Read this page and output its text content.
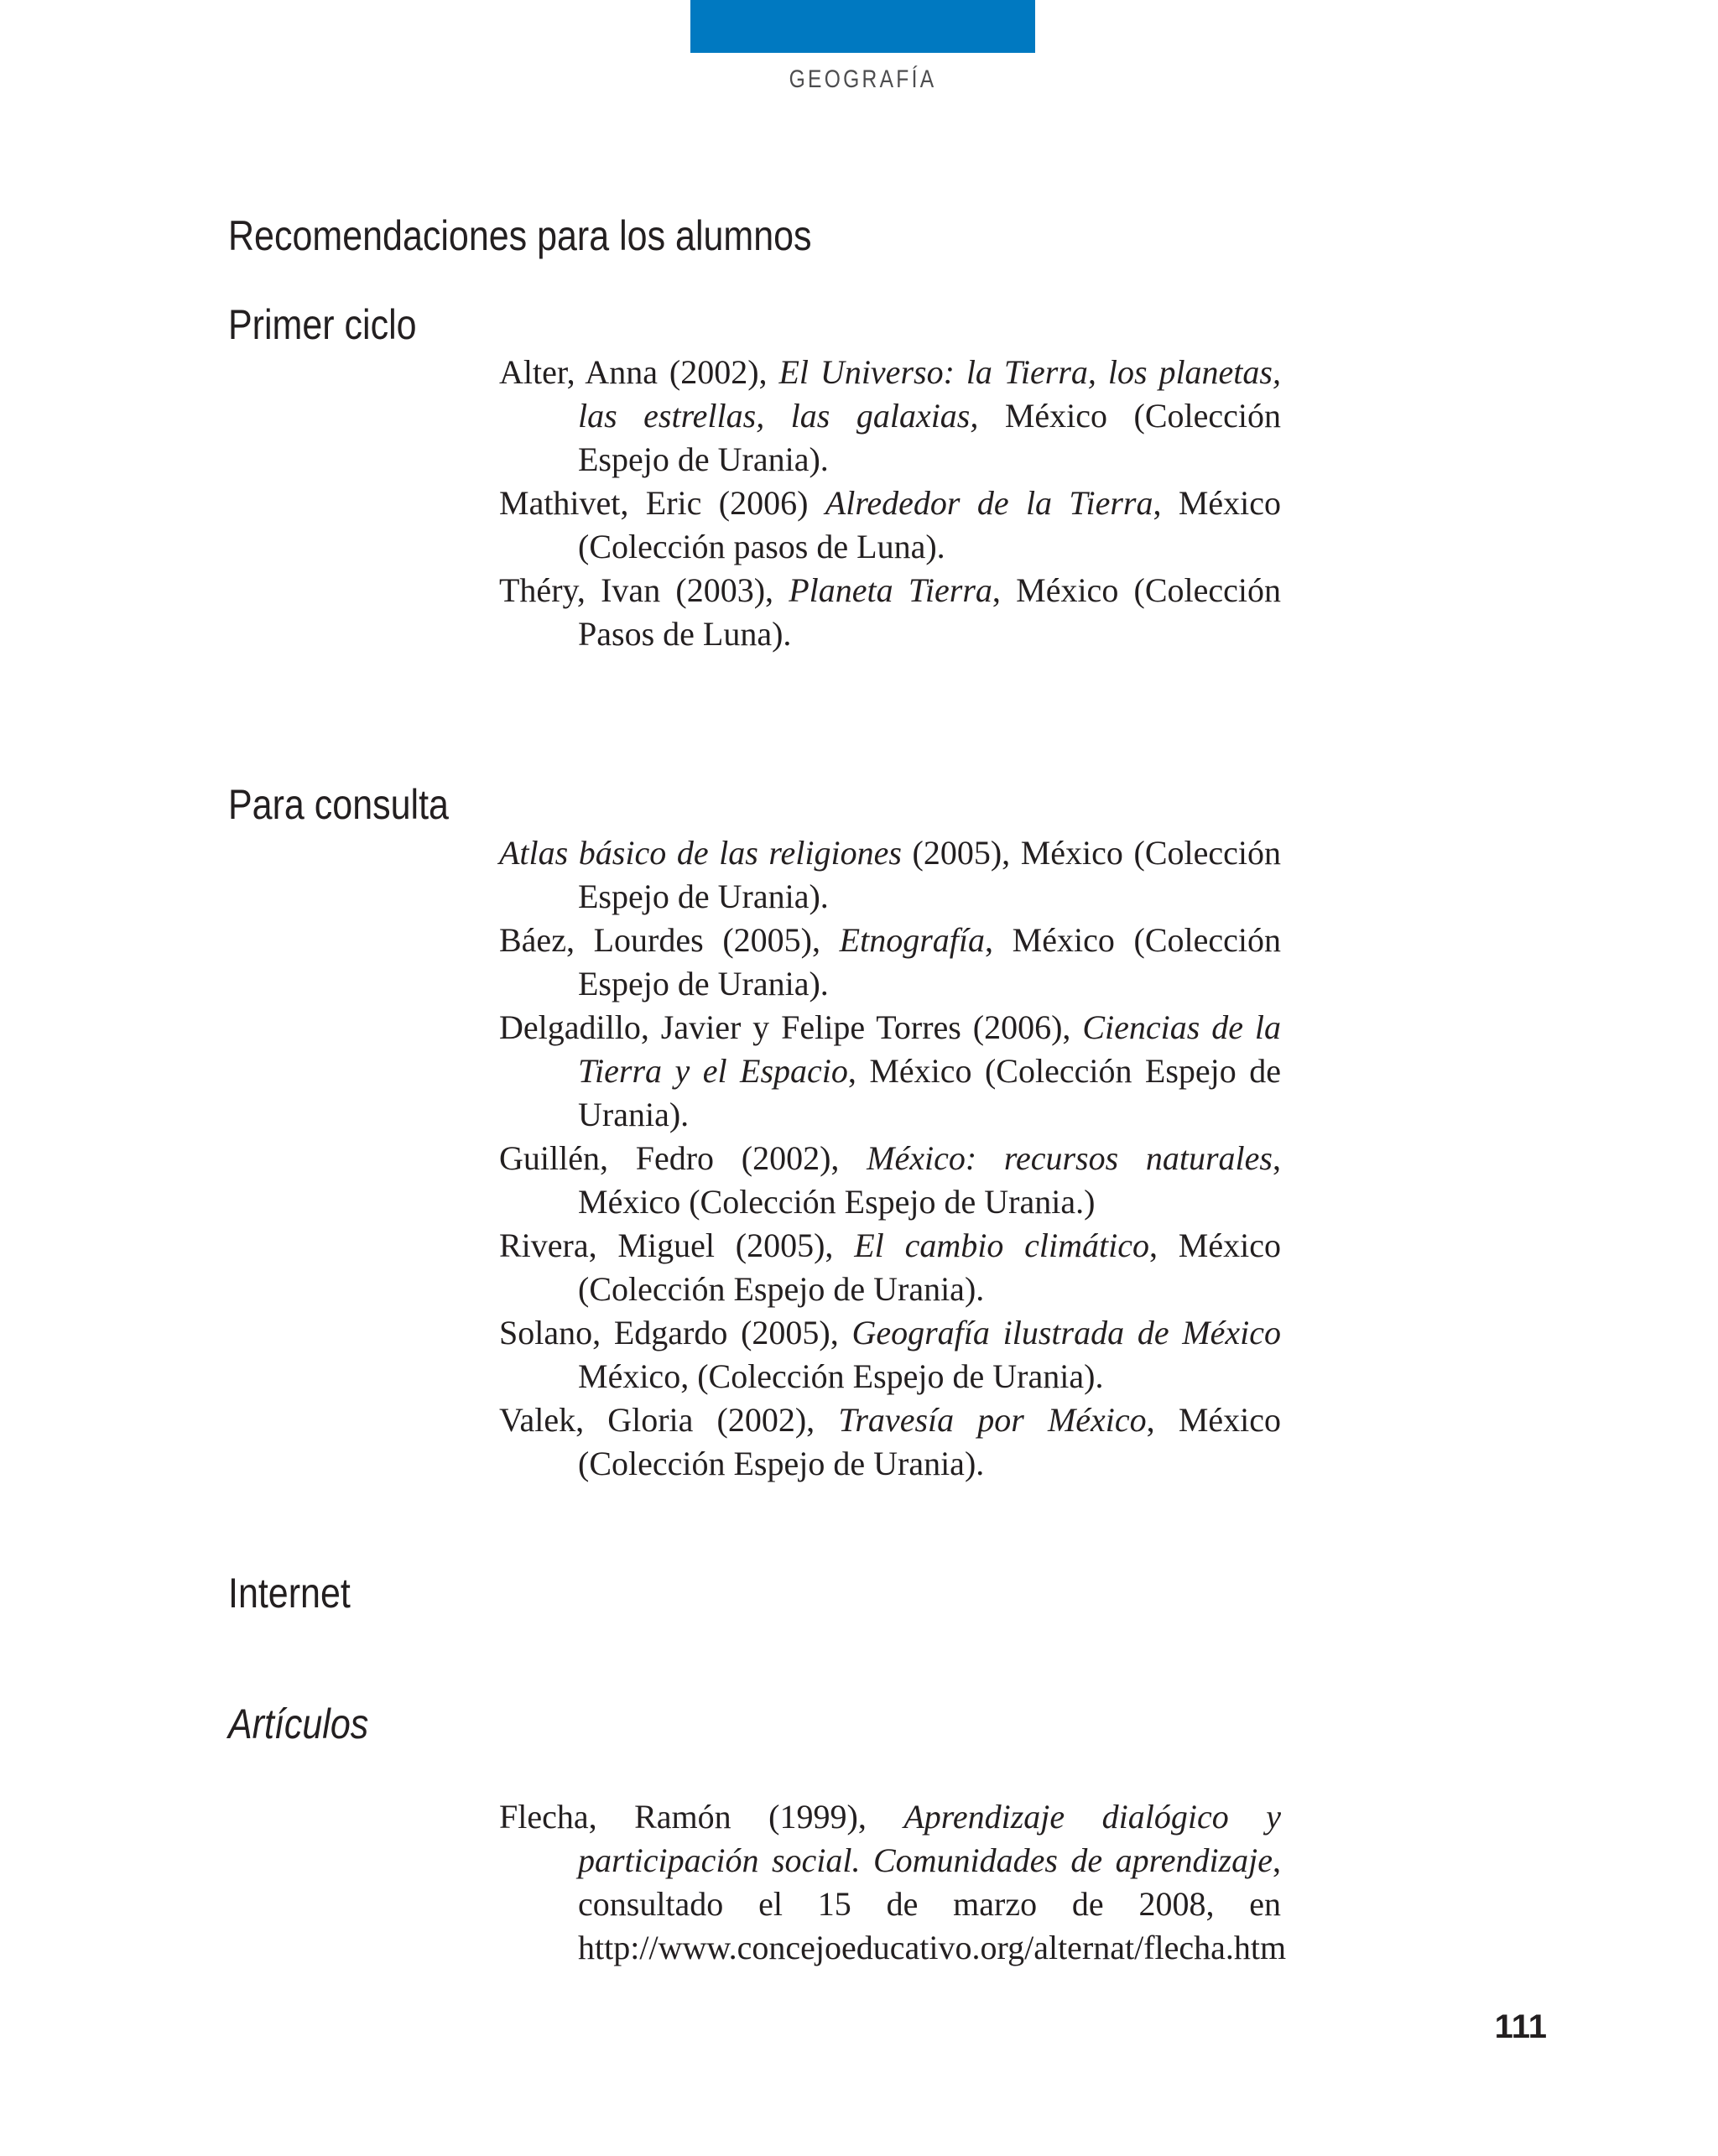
GEOGRAFÍA
Recomendaciones para los alumnos
Primer ciclo
Alter, Anna (2002), El Universo: la Tierra, los planetas, las estrellas, las galaxias, México (Colección Espejo de Urania).
Mathivet, Eric (2006) Alrededor de la Tierra, México (Colección pasos de Luna).
Théry, Ivan (2003), Planeta Tierra, México (Colección Pasos de Luna).
Para consulta
Atlas básico de las religiones (2005), México (Colección Espejo de Urania).
Báez, Lourdes (2005), Etnografía, México (Colección Espejo de Urania).
Delgadillo, Javier y Felipe Torres (2006), Ciencias de la Tierra y el Espacio, México (Colección Espejo de Urania).
Guillén, Fedro (2002), México: recursos naturales, México (Colección Espejo de Urania.)
Rivera, Miguel (2005), El cambio climático, México (Colección Espejo de Urania).
Solano, Edgardo (2005), Geografía ilustrada de México México, (Colección Espejo de Urania).
Valek, Gloria (2002), Travesía por México, México (Colección Espejo de Urania).
Internet
Artículos
Flecha, Ramón (1999), Aprendizaje dialógico y participación social. Comunidades de aprendizaje, consultado el 15 de marzo de 2008, en http://www.concejoeducativo.org/alternat/flecha.htm
111
